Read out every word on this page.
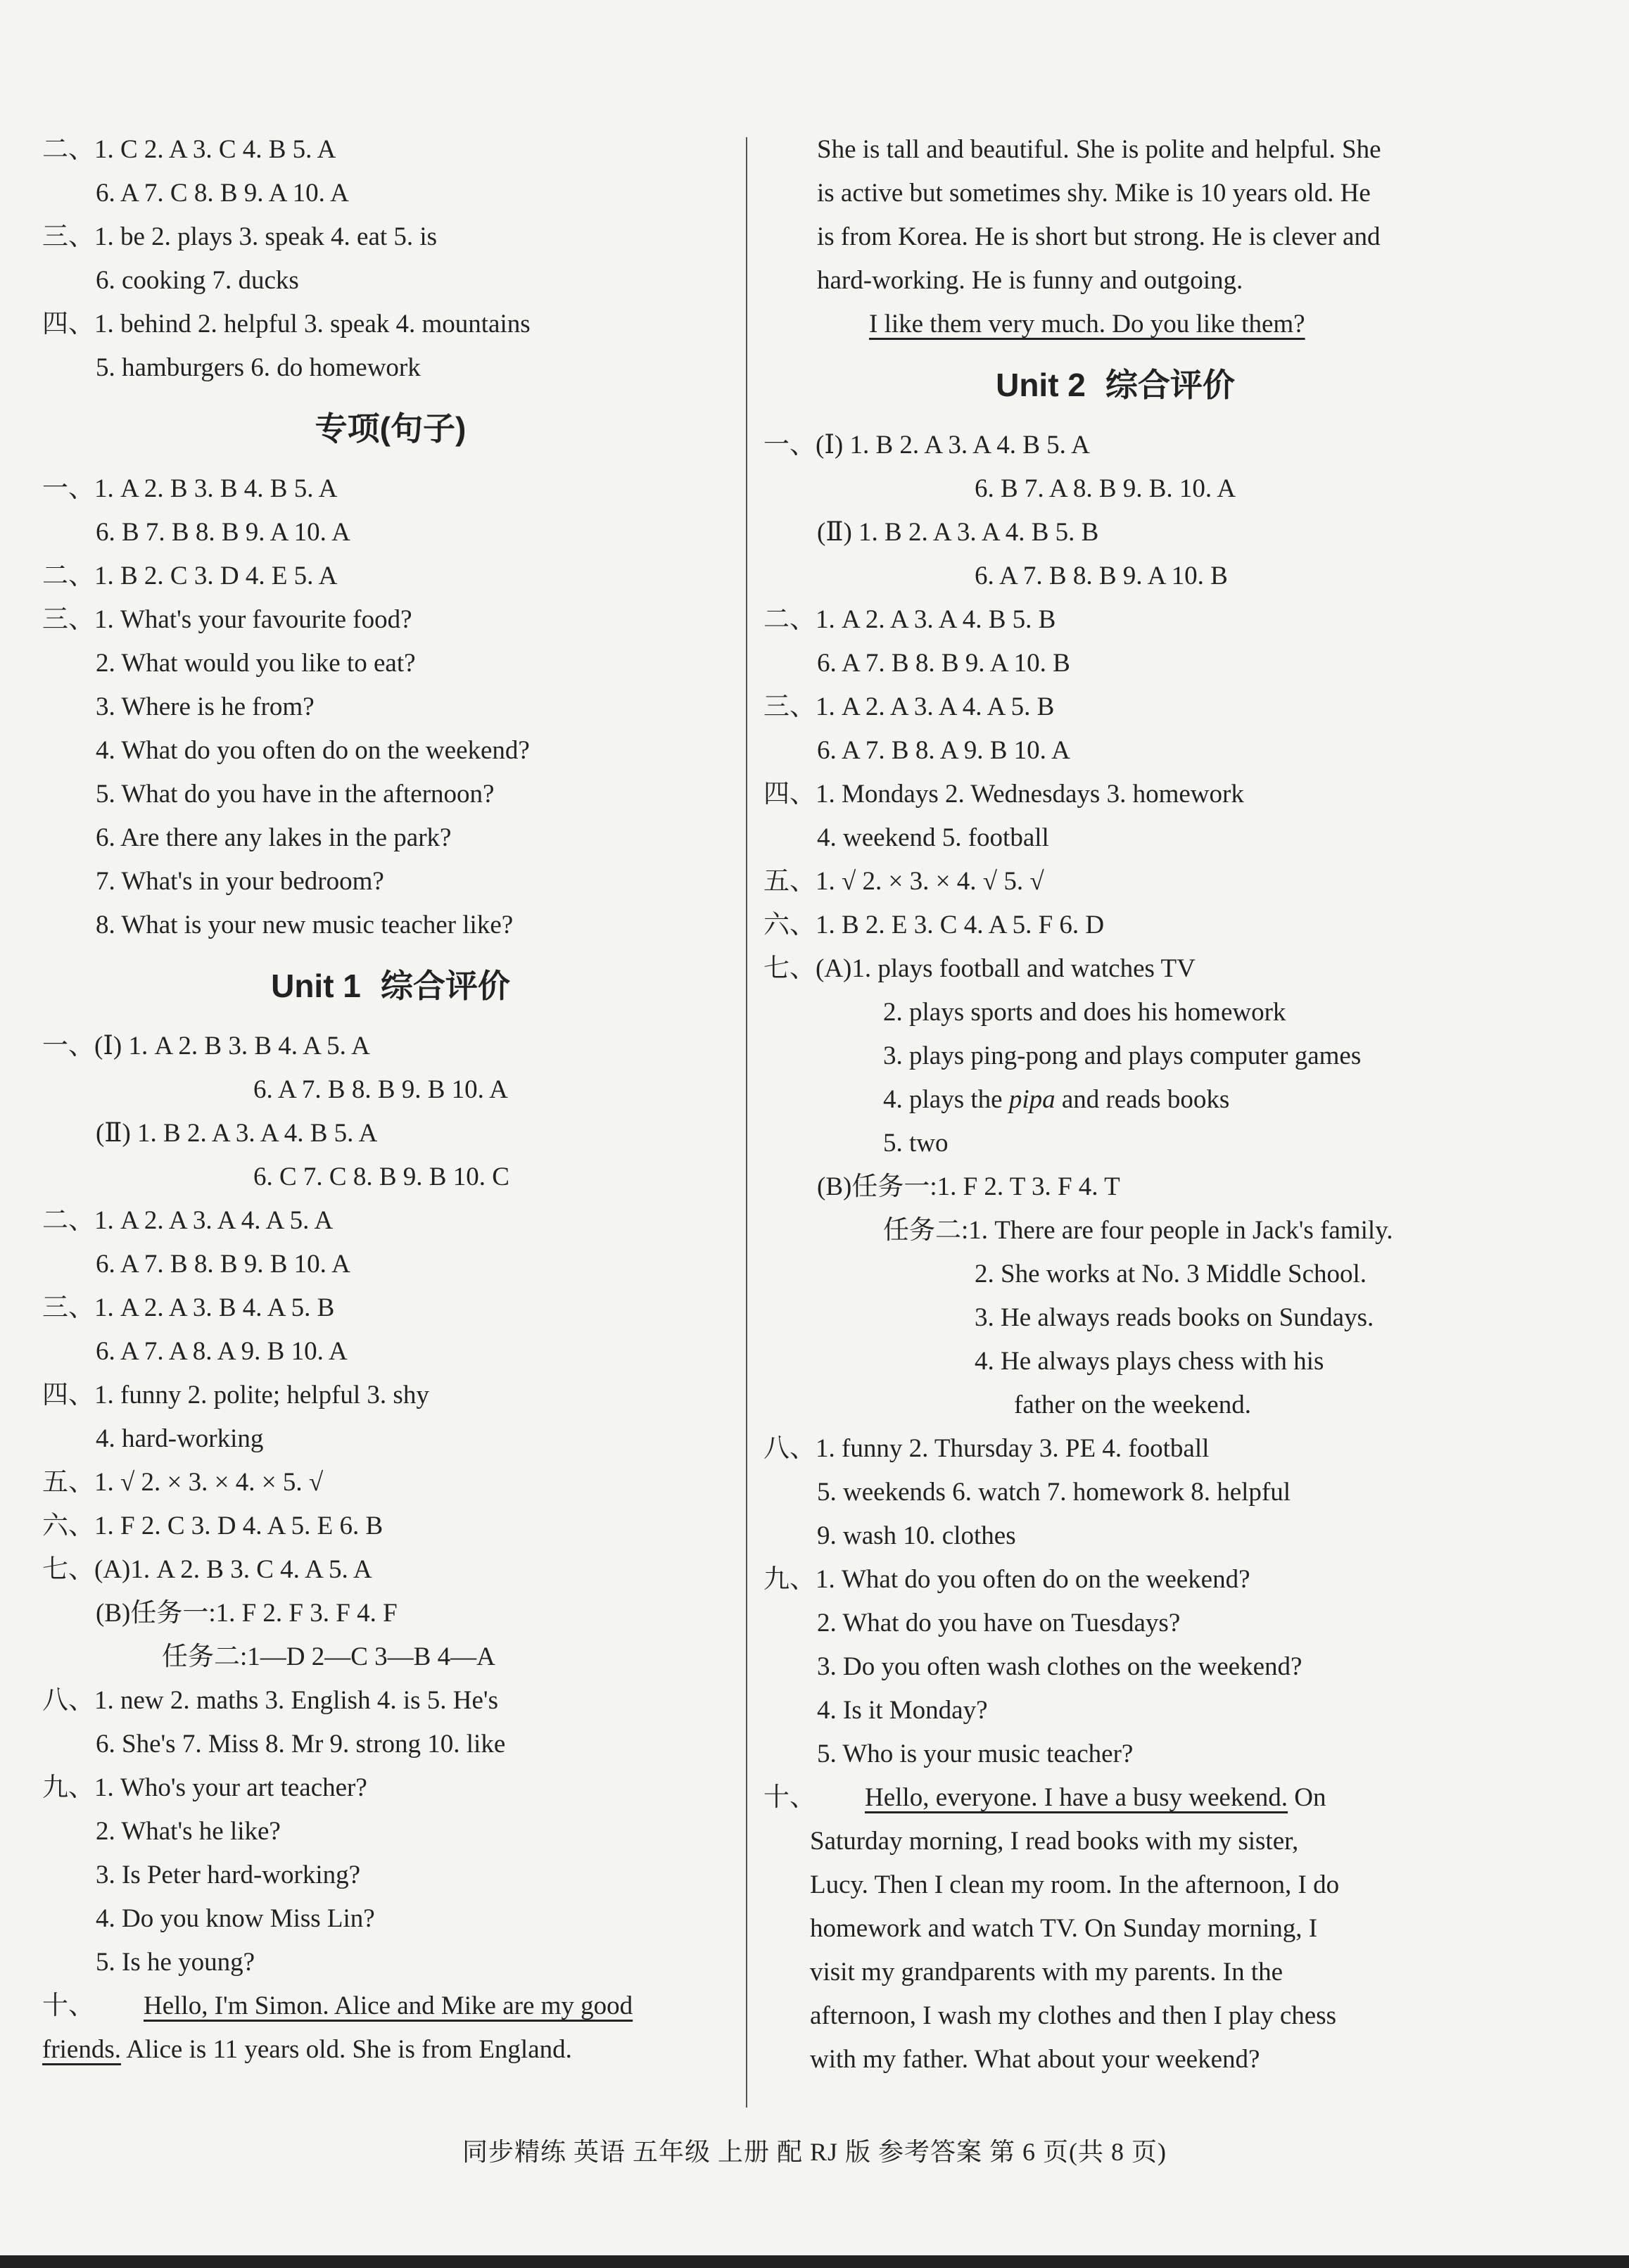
二、1. C 2. A 3. C 4. B 5. A
6. A 7. C 8. B 9. A 10. A
三、1. be 2. plays 3. speak 4. eat 5. is
6. cooking 7. ducks
四、1. behind 2. helpful 3. speak 4. mountains
5. hamburgers 6. do homework
专项(句子)
一、1. A 2. B 3. B 4. B 5. A
6. B 7. B 8. B 9. A 10. A
二、1. B 2. C 3. D 4. E 5. A
三、1. What's your favourite food?
2. What would you like to eat?
3. Where is he from?
4. What do you often do on the weekend?
5. What do you have in the afternoon?
6. Are there any lakes in the park?
7. What's in your bedroom?
8. What is your new music teacher like?
Unit 1 综合评价
一、(Ⅰ) 1. A 2. B 3. B 4. A 5. A
6. A 7. B 8. B 9. B 10. A
(Ⅱ) 1. B 2. A 3. A 4. B 5. A
6. C 7. C 8. B 9. B 10. C
二、1. A 2. A 3. A 4. A 5. A
6. A 7. B 8. B 9. B 10. A
三、1. A 2. A 3. B 4. A 5. B
6. A 7. A 8. A 9. B 10. A
四、1. funny 2. polite; helpful 3. shy
4. hard-working
五、1. √ 2. × 3. × 4. × 5. √
六、1. F 2. C 3. D 4. A 5. E 6. B
七、(A)1. A 2. B 3. C 4. A 5. A
(B)任务一:1. F 2. F 3. F 4. F
任务二:1—D 2—C 3—B 4—A
八、1. new 2. maths 3. English 4. is 5. He's
6. She's 7. Miss 8. Mr 9. strong 10. like
九、1. Who's your art teacher?
2. What's he like?
3. Is Peter hard-working?
4. Do you know Miss Lin?
5. Is he young?
十、 Hello, I'm Simon. Alice and Mike are my good
friends. Alice is 11 years old. She is from England.
She is tall and beautiful. She is polite and helpful. She
is active but sometimes shy. Mike is 10 years old. He
is from Korea. He is short but strong. He is clever and
hard-working. He is funny and outgoing.
I like them very much. Do you like them?
Unit 2 综合评价
一、(Ⅰ) 1. B 2. A 3. A 4. B 5. A
6. B 7. A 8. B 9. B. 10. A
(Ⅱ) 1. B 2. A 3. A 4. B 5. B
6. A 7. B 8. B 9. A 10. B
二、1. A 2. A 3. A 4. B 5. B
6. A 7. B 8. B 9. A 10. B
三、1. A 2. A 3. A 4. A 5. B
6. A 7. B 8. A 9. B 10. A
四、1. Mondays 2. Wednesdays 3. homework
4. weekend 5. football
五、1. √ 2. × 3. × 4. √ 5. √
六、1. B 2. E 3. C 4. A 5. F 6. D
七、(A)1. plays football and watches TV
2. plays sports and does his homework
3. plays ping-pong and plays computer games
4. plays the pipa and reads books
5. two
(B)任务一:1. F 2. T 3. F 4. T
任务二:1. There are four people in Jack's family.
2. She works at No. 3 Middle School.
3. He always reads books on Sundays.
4. He always plays chess with his
father on the weekend.
八、1. funny 2. Thursday 3. PE 4. football
5. weekends 6. watch 7. homework 8. helpful
9. wash 10. clothes
九、1. What do you often do on the weekend?
2. What do you have on Tuesdays?
3. Do you often wash clothes on the weekend?
4. Is it Monday?
5. Who is your music teacher?
十、 Hello, everyone. I have a busy weekend. On
Saturday morning, I read books with my sister,
Lucy. Then I clean my room. In the afternoon, I do
homework and watch TV. On Sunday morning, I
visit my grandparents with my parents. In the
afternoon, I wash my clothes and then I play chess
with my father. What about your weekend?
同步精练 英语 五年级 上册 配 RJ 版 参考答案 第 6 页(共 8 页)
